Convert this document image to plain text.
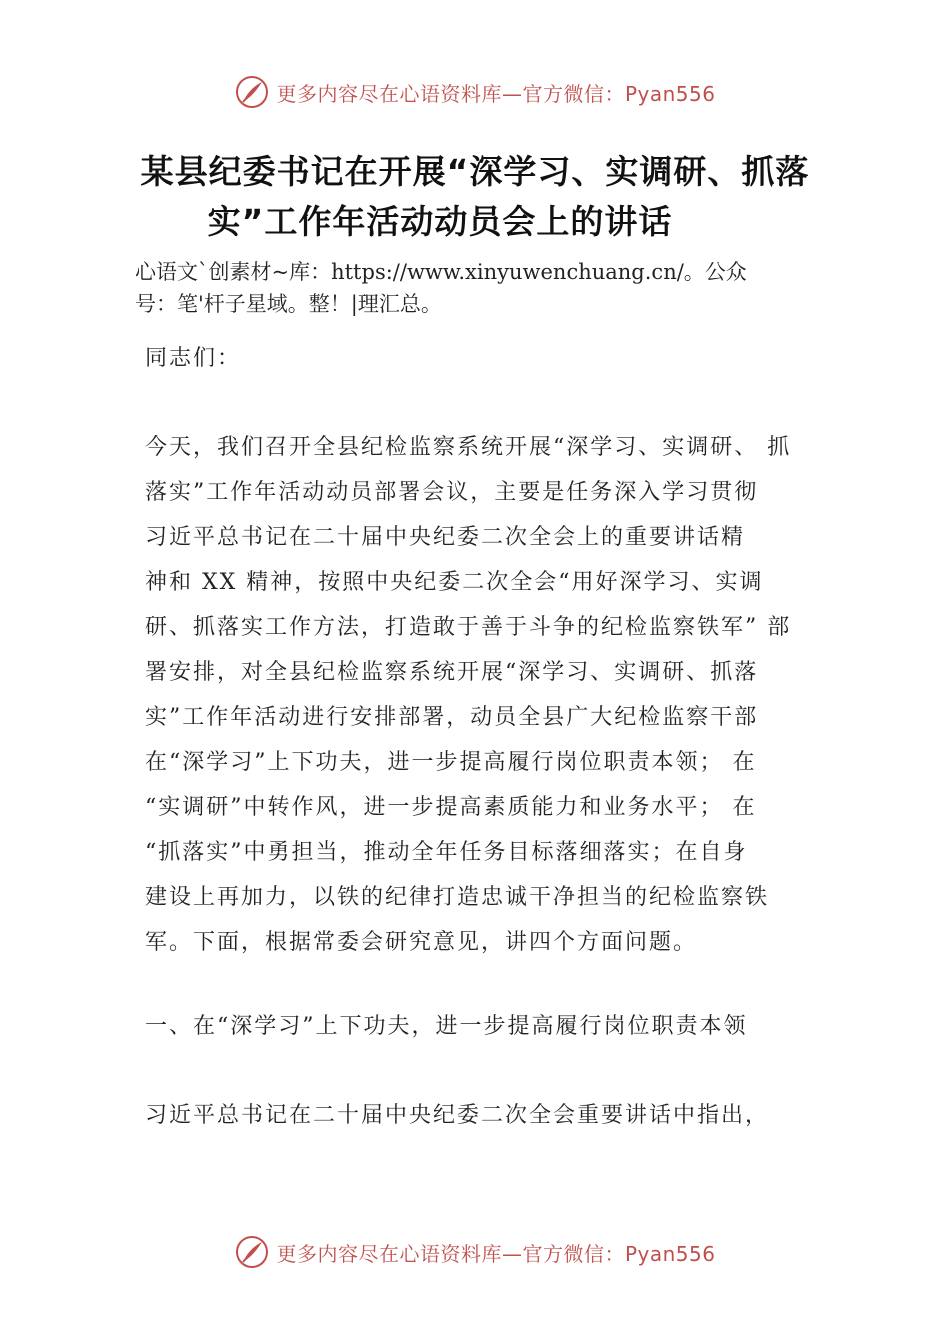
更多内容尽在心语资料库—官方微信：Pyan556
某县纪委书记在开展“深学习、实调研、抓落
实”工作年活动动员会上的讲话
心语文`创素材~库：https://www.xinyuwenchuang.cn/。公众
号：笔'杆子星域。整！|理汇总。
同志们：
今天，我们召开全县纪检监察系统开展“深学习、实调研、 抓
落实”工作年活动动员部署会议，主要是任务深入学习贯彻
习近平总书记在二十届中央纪委二次全会上的重要讲话精
神和 XX 精神，按照中央纪委二次全会“用好深学习、实调
研、抓落实工作方法，打造敢于善于斗争的纪检监察铁军” 部
署安排，对全县纪检监察系统开展“深学习、实调研、抓落
实”工作年活动进行安排部署，动员全县广大纪检监察干部
在“深学习”上下功夫，进一步提高履行岗位职责本领； 在
“实调研”中转作风，进一步提高素质能力和业务水平； 在
“抓落实”中勇担当，推动全年任务目标落细落实；在自身
建设上再加力，以铁的纪律打造忠诚干净担当的纪检监察铁
军。下面，根据常委会研究意见，讲四个方面问题。
一、在“深学习”上下功夫，进一步提高履行岗位职责本领
习近平总书记在二十届中央纪委二次全会重要讲话中指出，
更多内容尽在心语资料库—官方微信：Pyan556
